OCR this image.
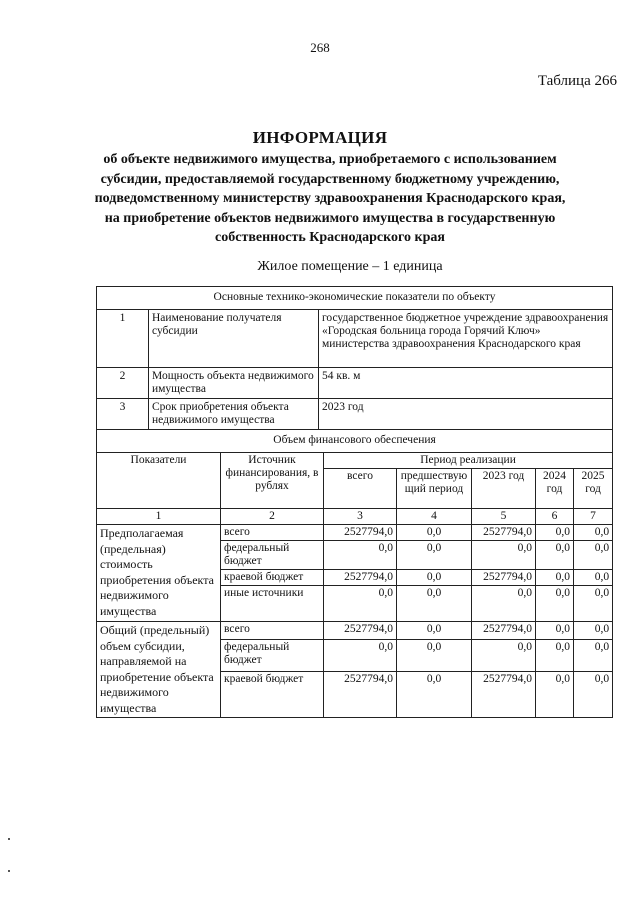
268
Таблица 266
ИНФОРМАЦИЯ
об объекте недвижимого имущества, приобретаемого с использованием
субсидии, предоставляемой государственному бюджетному учреждению,
подведомственному министерству здравоохранения Краснодарского края,
на приобретение объектов недвижимого имущества в государственную
собственность Краснодарского края
Жилое помещение – 1 единица
Основные технико-экономические показатели по объекту		
1	Наименование получателя субсидии	государственное бюджетное учреждение здравоохранения «Городская больница города Горячий Ключ» министерства здравоохранения Краснодарского края
2	Мощность объекта недвижимого имущества	54 кв. м
3	Срок приобретения объекта недвижимого имущества	2023 год
Объем финансового обеспечения						
Показатели	Источник финансирования, в рублях	Период реализации				
		всего	предшествующий период	2023 год	2024 год	2025 год
1	2	3	4	5	6	7
Предполагаемая (предельная) стоимость приобретения объекта недвижимого имущества	всего	2527794,0	0,0	2527794,0	0,0	0,0
	федеральный бюджет	0,0	0,0	0,0	0,0	0,0
	краевой бюджет	2527794,0	0,0	2527794,0	0,0	0,0
	иные источники	0,0	0,0	0,0	0,0	0,0
Общий (предельный) объем субсидии, направляемой на приобретение объекта недвижимого имущества	всего	2527794,0	0,0	2527794,0	0,0	0,0
	федеральный бюджет	0,0	0,0	0,0	0,0	0,0
	краевой бюджет	2527794,0	0,0	2527794,0	0,0	0,0
